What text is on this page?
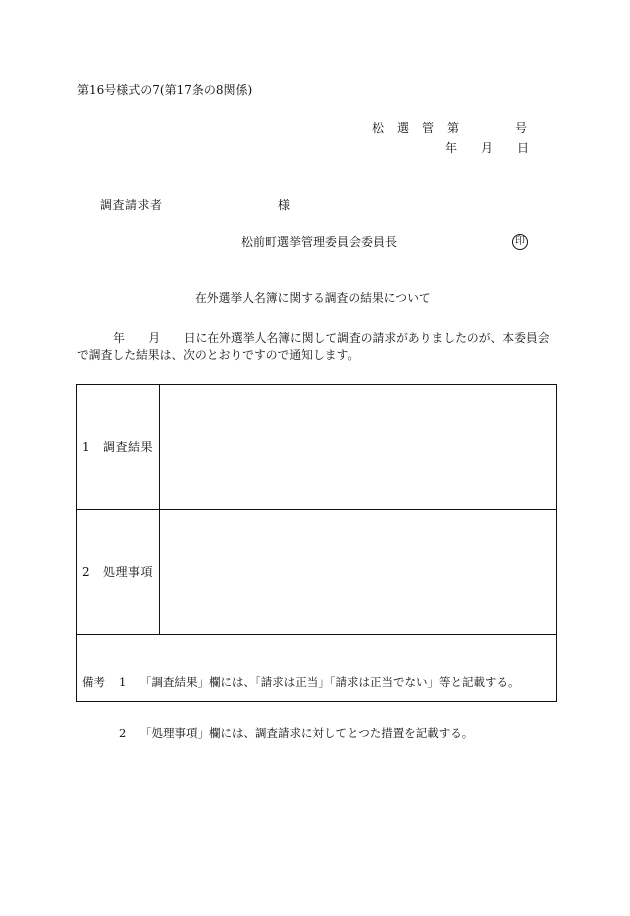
第16号様式の7(第17条の8関係)
松　選　管　第	号
年　　月　　日
調査請求者	様
松前町選挙管理委員会委員長	印
在外選挙人名簿に関する調査の結果について
年　　月　　日に在外選挙人名簿に関して調査の請求がありましたのが、本委員会
で調査した結果は、次のとおりですので通知します。
1	調査結果
2	処理事項

備考	1	「調査結果」欄には、「請求は正当」「請求は正当でない」等と記載する。

2	「処理事項」欄には、調査請求に対してとつた措置を記載する。
